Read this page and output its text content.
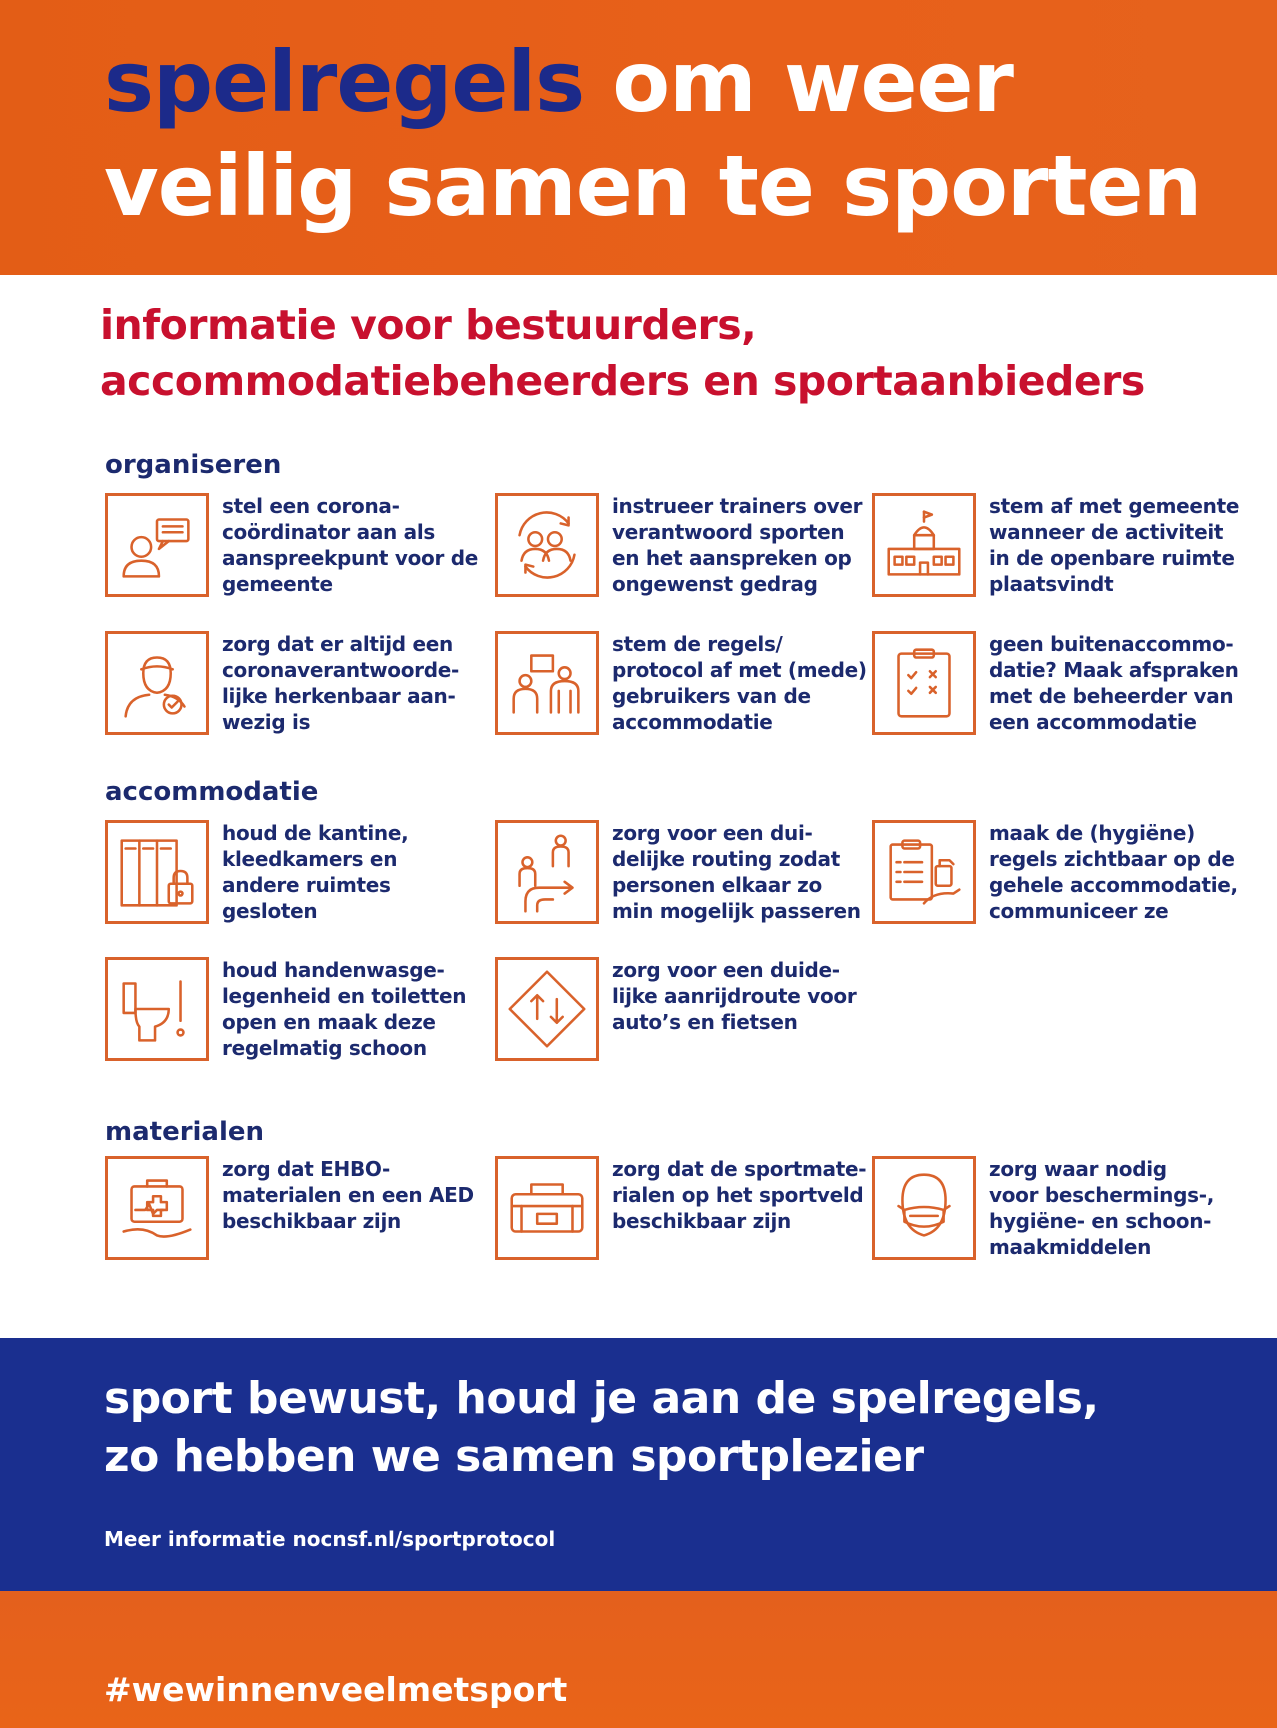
spelregels om weer
veilig samen te sporten
informatie voor bestuurders,
accommodatiebeheerders en sportaanbieders
organiseren
stel een corona-
coördinator aan als
aanspreekpunt voor de
gemeente
instrueer trainers over
verantwoord sporten
en het aanspreken op
ongewenst gedrag
stem af met gemeente
wanneer de activiteit
in de openbare ruimte
plaatsvindt
zorg dat er altijd een
coronaverantwoorde-
lijke herkenbaar aan-
wezig is
stem de regels/
protocol af met (mede)
gebruikers van de
accommodatie
geen buitenaccommo-
datie? Maak afspraken
met de beheerder van
een accommodatie
accommodatie
houd de kantine,
kleedkamers en
andere ruimtes
gesloten
zorg voor een dui-
delijke routing zodat
personen elkaar zo
min mogelijk passeren
maak de (hygiëne)
regels zichtbaar op de
gehele accommodatie,
communiceer ze
houd handenwasge-
legenheid en toiletten
open en maak deze
regelmatig schoon
zorg voor een duide-
lijke aanrijdroute voor
auto’s en fietsen
materialen
zorg dat EHBO-
materialen en een AED
beschikbaar zijn
zorg dat de sportmate-
rialen op het sportveld
beschikbaar zijn
zorg waar nodig
voor beschermings-,
hygiëne- en schoon-
maakmiddelen
sport bewust, houd je aan de spelregels,
zo hebben we samen sportplezier
Meer informatie nocnsf.nl/sportprotocol
#wewinnenveelmetsport
